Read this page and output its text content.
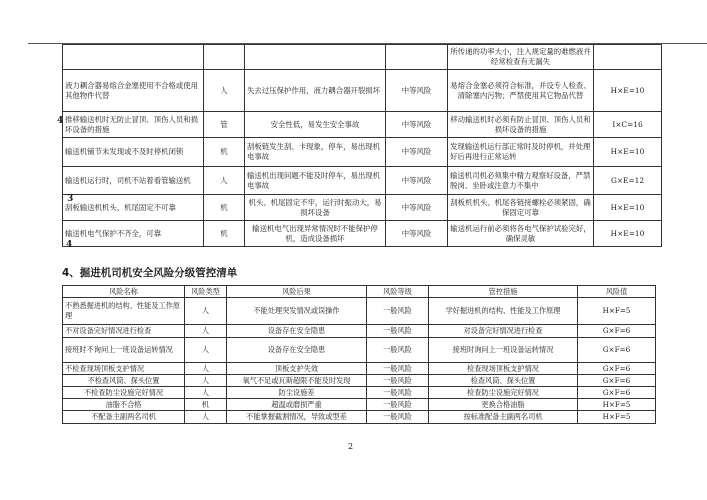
				所传递的功率大小，注入规定量的难燃液并经常检查有无漏失	
液力耦合器易熔合金塞使用不合格或使用其他物件代替	人	失去过压保护作用，液力耦合器开裂损坏	中等风险	易熔合金塞必须符合标准，并设专人检查、清除塞内污物；严禁使用其它物品代替	H×E=10
推移输送机时无防止冒顶、顶伤人员和损坏设备的措施	管	安全性低，易发生安全事故	中等风险	移动输送机时必须有防止冒顶、顶伤人员和损坏设备的措施	I×C=16
输送机铺节未发现或不及时停机闭锁	机	刮板链发生刮、卡现象，停车，易出现机电事故	中等风险	发现输送机运行部正常时及时停机，并处理好后再进行正常运转	H×E=10
输送机运行时，司机不站着看管输送机	人	输送机出现问题不能及时停车，易出现机电事故	中等风险	输送机司机必须集中精力观察好设备，严禁脱岗、坐卧或注意力不集中	G×E=12
刮板输送机机头、机尾固定不可靠	机	机头、机尾固定不牢，运行时振动大，易损坏设备	中等风险	刮板机机头、机尾各链接螺栓必须紧固，确保固定可靠	H×E=10
输送机电气保护不齐全，可靠	机	输送机电气出现异常情况时不能保护停机，造成设备损坏	中等风险	输送机运行前必须将各电气保护试验完好，确保灵敏	H×E=10
4
3
4
4、掘进机司机安全风险分级管控清单
风险名称	风险类型	风险后果	风险等级	管控措施	风险值
不熟悉掘进机的结构、性能及工作原理	人	不能处理突发情况或误操作	一般风险	学好掘进机的结构、性能及工作原理	H×F=5
不对设备完好情况进行检查	人	设备存在安全隐患	一般风险	对设备完好情况进行检查	G×F=6
接班时不询问上一班设备运转情况	人	设备存在安全隐患	一般风险	接班时询问上一班设备运转情况	G×F=6
不检查现场顶板支护情况	人	顶板支护失效	一般风险	检查现场顶板支护情况	G×F=6
不检查风筒、探头位置	人	氧气不足或瓦斯超限不能及时发现	一般风险	检查风筒、探头位置	G×F=6
不检查防尘设施完好情况	人	防尘设施差	一般风险	检查防尘设施完好情况	G×F=6
油脂不合格	机	超温或磨损严重	一般风险	更换合格油脂	H×F=5
不配备主副两名司机	人	不能掌握截割情况，导致或型差	一般风险	按标准配备主副两名司机	H×F=5
2
